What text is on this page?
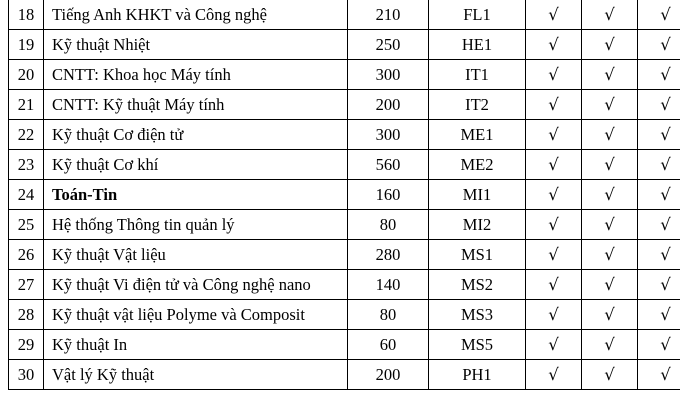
18	Tiếng Anh KHKT và Công nghệ	210	FL1	√	√	√
19	Kỹ thuật Nhiệt	250	HE1	√	√	√
20	CNTT: Khoa học Máy tính	300	IT1	√	√	√
21	CNTT: Kỹ thuật Máy tính	200	IT2	√	√	√
22	Kỹ thuật Cơ điện tử	300	ME1	√	√	√
23	Kỹ thuật Cơ khí	560	ME2	√	√	√
24	Toán-Tin	160	MI1	√	√	√
25	Hệ thống Thông tin quản lý	80	MI2	√	√	√
26	Kỹ thuật Vật liệu	280	MS1	√	√	√
27	Kỹ thuật Vi điện tử và Công nghệ nano	140	MS2	√	√	√
28	Kỹ thuật vật liệu Polyme và Composit	80	MS3	√	√	√
29	Kỹ thuật In	60	MS5	√	√	√
30	Vật lý Kỹ thuật	200	PH1	√	√	√
